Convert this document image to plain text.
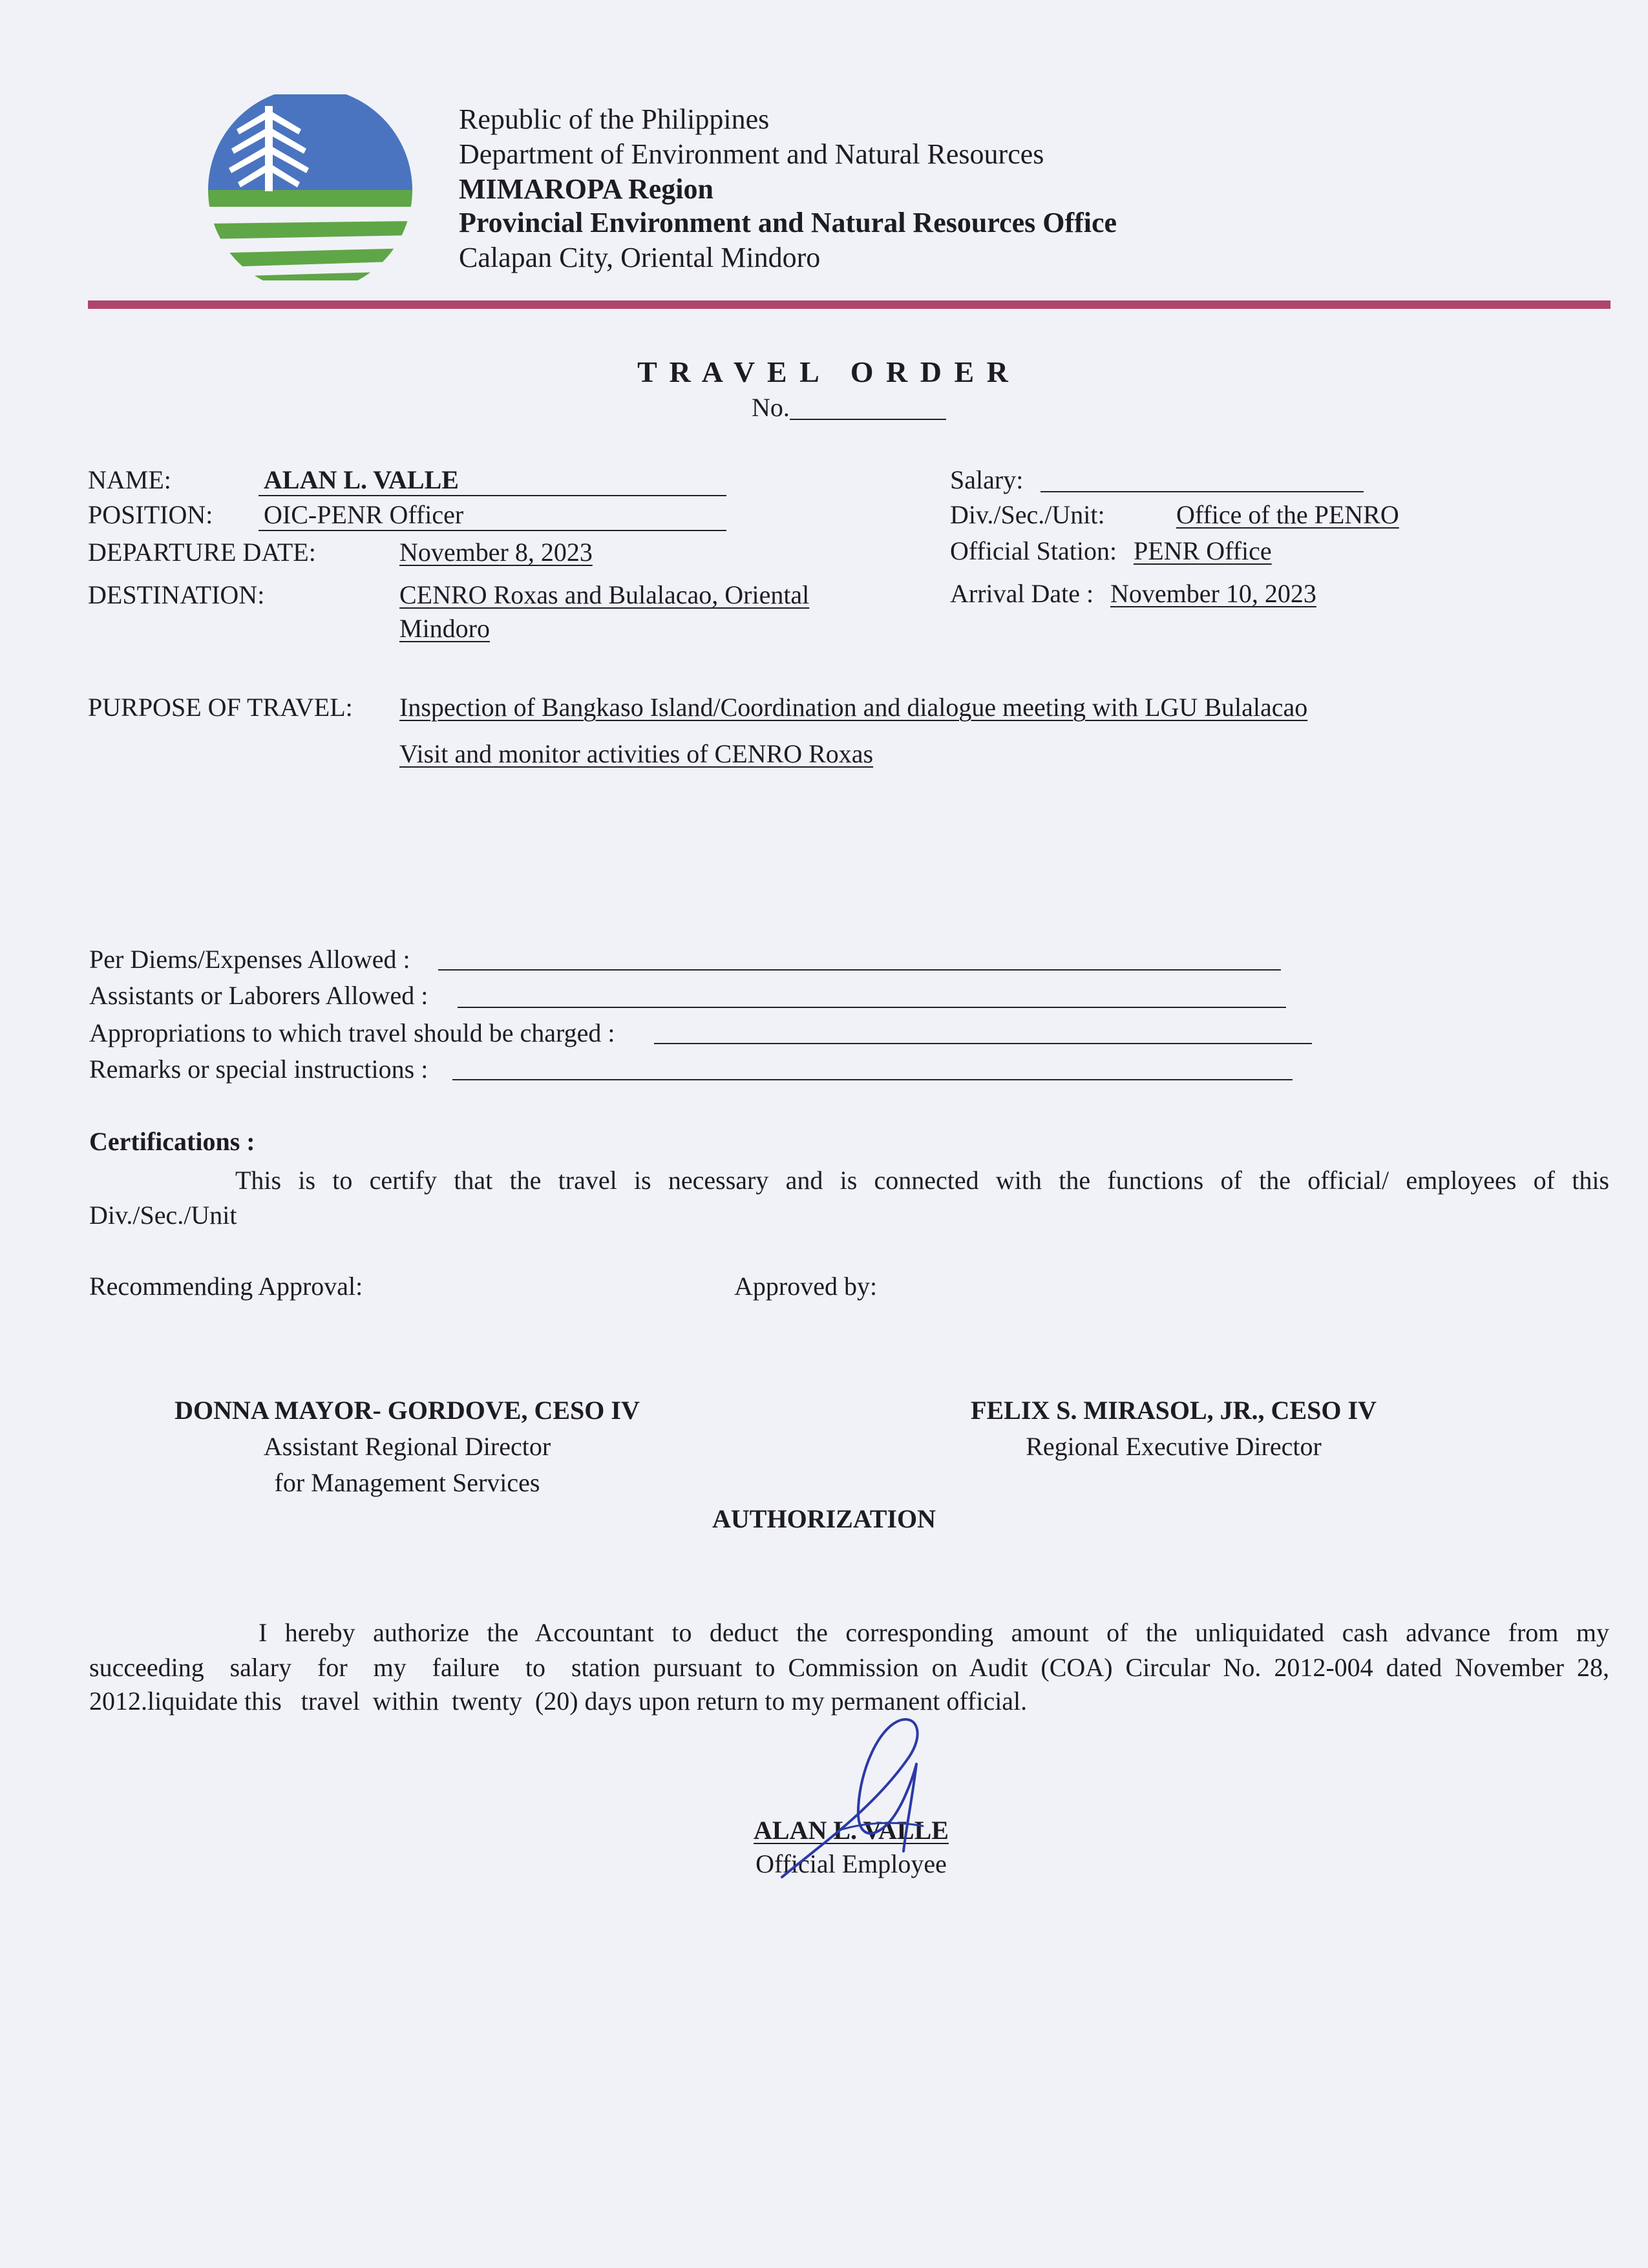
Republic of the Philippines
Department of Environment and Natural Resources
MIMAROPA Region
Provincial Environment and Natural Resources Office
Calapan City, Oriental Mindoro
T R A V E L   O R D E R
No.
NAME:	ALAN L. VALLE
POSITION: OIC-PENR Officer
DEPARTURE DATE:	November 8, 2023
DESTINATION:	CENRO Roxas and Bulalacao, Oriental
Mindoro
Salary:
Div./Sec./Unit:	Office of the PENRO
Official Station: PENR Office
Arrival Date : November 10, 2023
PURPOSE OF TRAVEL: Inspection of Bangkaso Island/Coordination and dialogue meeting with LGU Bulalacao
Visit and monitor activities of CENRO Roxas
Per Diems/Expenses Allowed :
Assistants or Laborers Allowed :
Appropriations to which travel should be charged :
Remarks or special instructions :
Certifications :
This is to certify that the travel is necessary and is connected with the functions of the official/ employees of this
Div./Sec./Unit
Recommending Approval:	Approved by:
DONNA MAYOR- GORDOVE, CESO IV
Assistant Regional Director
for Management Services
FELIX S. MIRASOL, JR., CESO IV
Regional Executive Director
AUTHORIZATION
I hereby authorize the Accountant to deduct the corresponding amount of the unliquidated cash advance from my
succeeding  salary  for  my  failure  to  station pursuant to Commission on Audit (COA) Circular No. 2012-004 dated November 28,
2012.liquidate this   travel  within  twenty  (20) days upon return to my permanent official.
ALAN L. VALLE
Official Employee
